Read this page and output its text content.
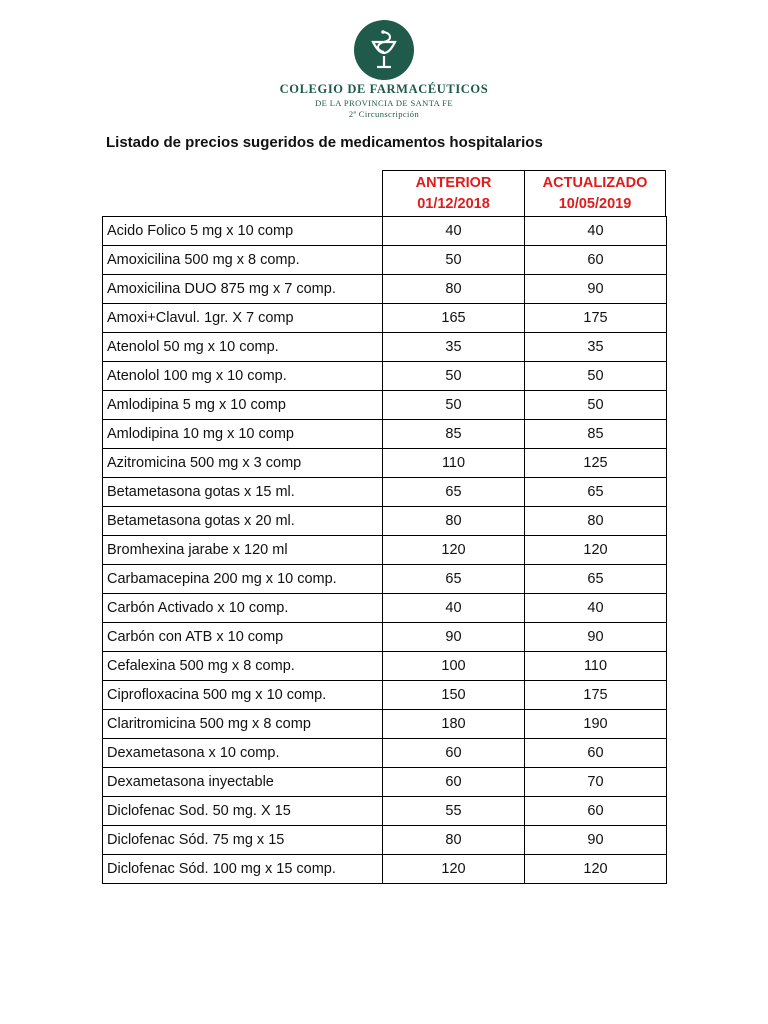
COLEGIO DE FARMACÉUTICOS
DE LA PROVINCIA DE SANTA FE
2ª Circunscripción
Listado de precios sugeridos de medicamentos hospitalarios
ANTERIOR
01/12/2018
ACTUALIZADO
10/05/2019
Acido Folico 5 mg x 10 comp	40	40
Amoxicilina 500 mg x 8 comp.	50	60
Amoxicilina DUO 875 mg x 7 comp.	80	90
Amoxi+Clavul. 1gr. X 7 comp	165	175
Atenolol 50 mg x 10 comp.	35	35
Atenolol 100 mg x 10 comp.	50	50
Amlodipina 5 mg x 10 comp	50	50
Amlodipina 10 mg x 10 comp	85	85
Azitromicina 500 mg x 3 comp	110	125
Betametasona gotas x 15 ml.	65	65
Betametasona gotas x 20 ml.	80	80
Bromhexina jarabe x 120 ml	120	120
Carbamacepina 200 mg x 10 comp.	65	65
Carbón Activado x 10 comp.	40	40
Carbón con ATB x 10 comp	90	90
Cefalexina 500 mg x 8 comp.	100	110
Ciprofloxacina 500 mg x 10 comp.	150	175
Claritromicina 500 mg x 8 comp	180	190
Dexametasona x 10 comp.	60	60
Dexametasona inyectable	60	70
Diclofenac Sod. 50 mg. X 15	55	60
Diclofenac Sód. 75 mg x 15	80	90
Diclofenac Sód. 100 mg x 15 comp.	120	120
